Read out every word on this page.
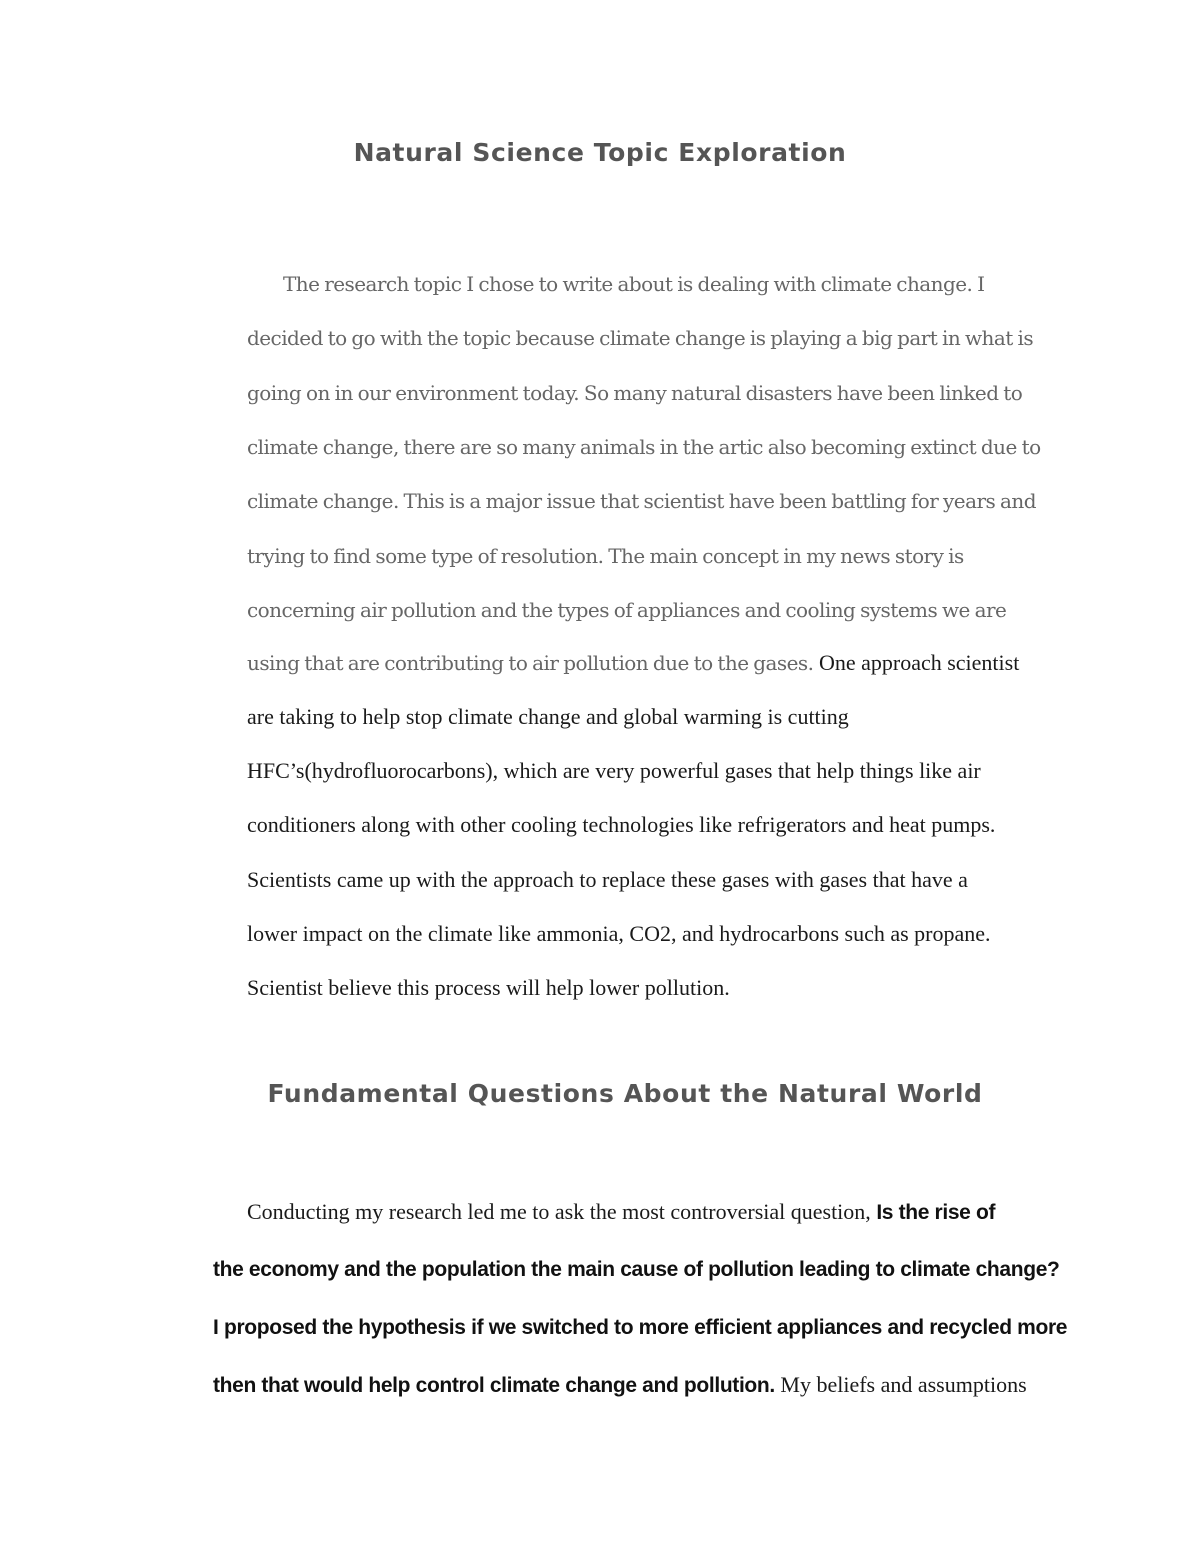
Natural Science Topic Exploration
The research topic I chose to write about is dealing with climate change. I
decided to go with the topic because climate change is playing a big part in what is
going on in our environment today. So many natural disasters have been linked to
climate change, there are so many animals in the artic also becoming extinct due to
climate change. This is a major issue that scientist have been battling for years and
trying to find some type of resolution. The main concept in my news story is
concerning air pollution and the types of appliances and cooling systems we are
using that are contributing to air pollution due to the gases. One approach scientist
are taking to help stop climate change and global warming is cutting
HFC’s(hydrofluorocarbons), which are very powerful gases that help things like air
conditioners along with other cooling technologies like refrigerators and heat pumps.
Scientists came up with the approach to replace these gases with gases that have a
lower impact on the climate like ammonia, CO2, and hydrocarbons such as propane.
Scientist believe this process will help lower pollution.
Fundamental Questions About the Natural World
Conducting my research led me to ask the most controversial question, Is the rise of
the economy and the population the main cause of pollution leading to climate change?
I proposed the hypothesis if we switched to more efficient appliances and recycled more
then that would help control climate change and pollution. My beliefs and assumptions
